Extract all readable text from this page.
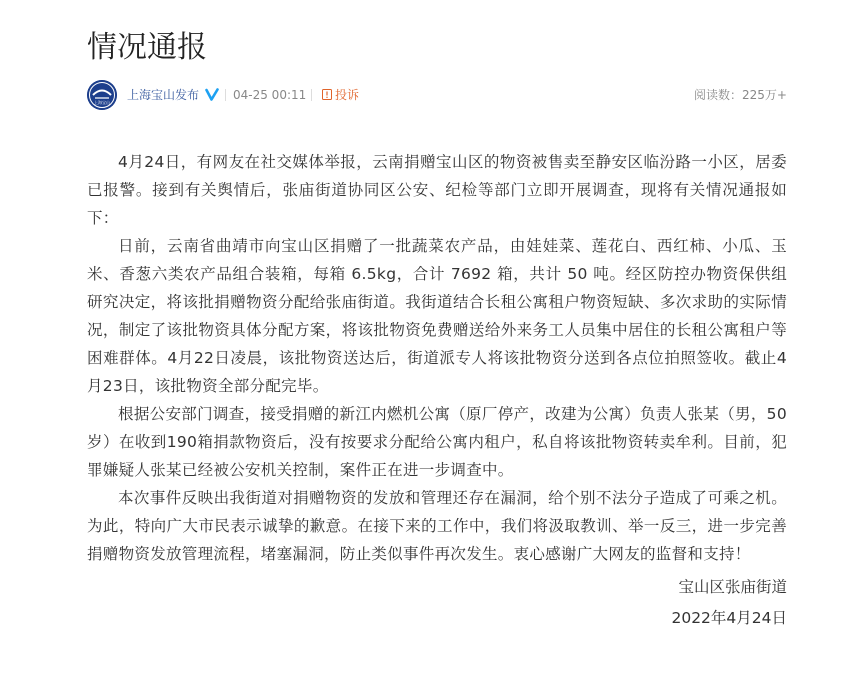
情况通报
上海宝山
上海宝山发布	04-25 00:11 投诉	阅读数：225万+

4月24日，有网友在社交媒体举报，云南捐赠宝山区的物资被售卖至静安区临汾路一小区，居委已报警。接到有关舆情后，张庙街道协同区公安、纪检等部门立即开展调查，现将有关情况通报如下：

日前，云南省曲靖市向宝山区捐赠了一批蔬菜农产品，由娃娃菜、莲花白、西红柿、小瓜、玉米、香葱六类农产品组合装箱，每箱 6.5kg，合计 7692 箱，共计 50 吨。经区防控办物资保供组研究决定，将该批捐赠物资分配给张庙街道。我街道结合长租公寓租户物资短缺、多次求助的实际情况，制定了该批物资具体分配方案，将该批物资免费赠送给外来务工人员集中居住的长租公寓租户等困难群体。4月22日凌晨，该批物资送达后，街道派专人将该批物资分送到各点位拍照签收。截止4月23日，该批物资全部分配完毕。

根据公安部门调查，接受捐赠的新江内燃机公寓（原厂停产，改建为公寓）负责人张某（男，50岁）在收到190箱捐款物资后，没有按要求分配给公寓内租户，私自将该批物资转卖牟利。目前，犯罪嫌疑人张某已经被公安机关控制，案件正在进一步调查中。

本次事件反映出我街道对捐赠物资的发放和管理还存在漏洞，给个别不法分子造成了可乘之机。为此，特向广大市民表示诚挚的歉意。在接下来的工作中，我们将汲取教训、举一反三，进一步完善捐赠物资发放管理流程，堵塞漏洞，防止类似事件再次发生。衷心感谢广大网友的监督和支持！

宝山区张庙街道
2022年4月24日
